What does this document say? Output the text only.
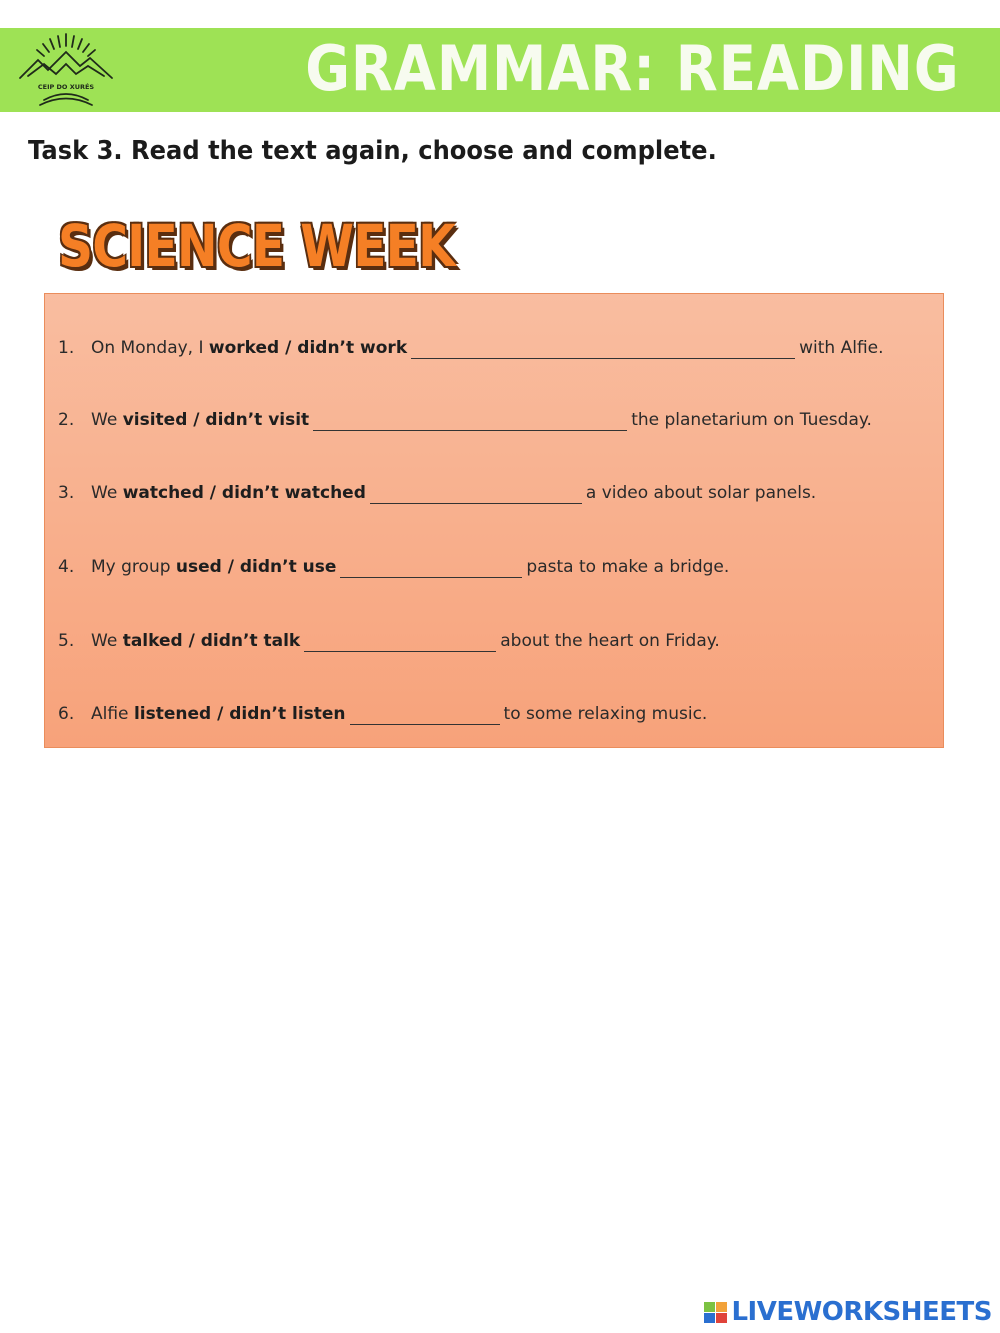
CEIP DO XURÉS	GRAMMAR: READING
Task 3. Read the text again, choose and complete.
SCIENCE WEEK
1. On Monday, I worked / didn’t work	with Alfie.
2. We visited / didn’t visit	the planetarium on Tuesday.
3. We watched / didn’t watched	a video about solar panels.
4. My group used / didn’t use	pasta to make a bridge.
5. We talked / didn’t talk	about the heart on Friday.
6. Alfie listened / didn’t listen	to some relaxing music.
LIVEWORKSHEETS
